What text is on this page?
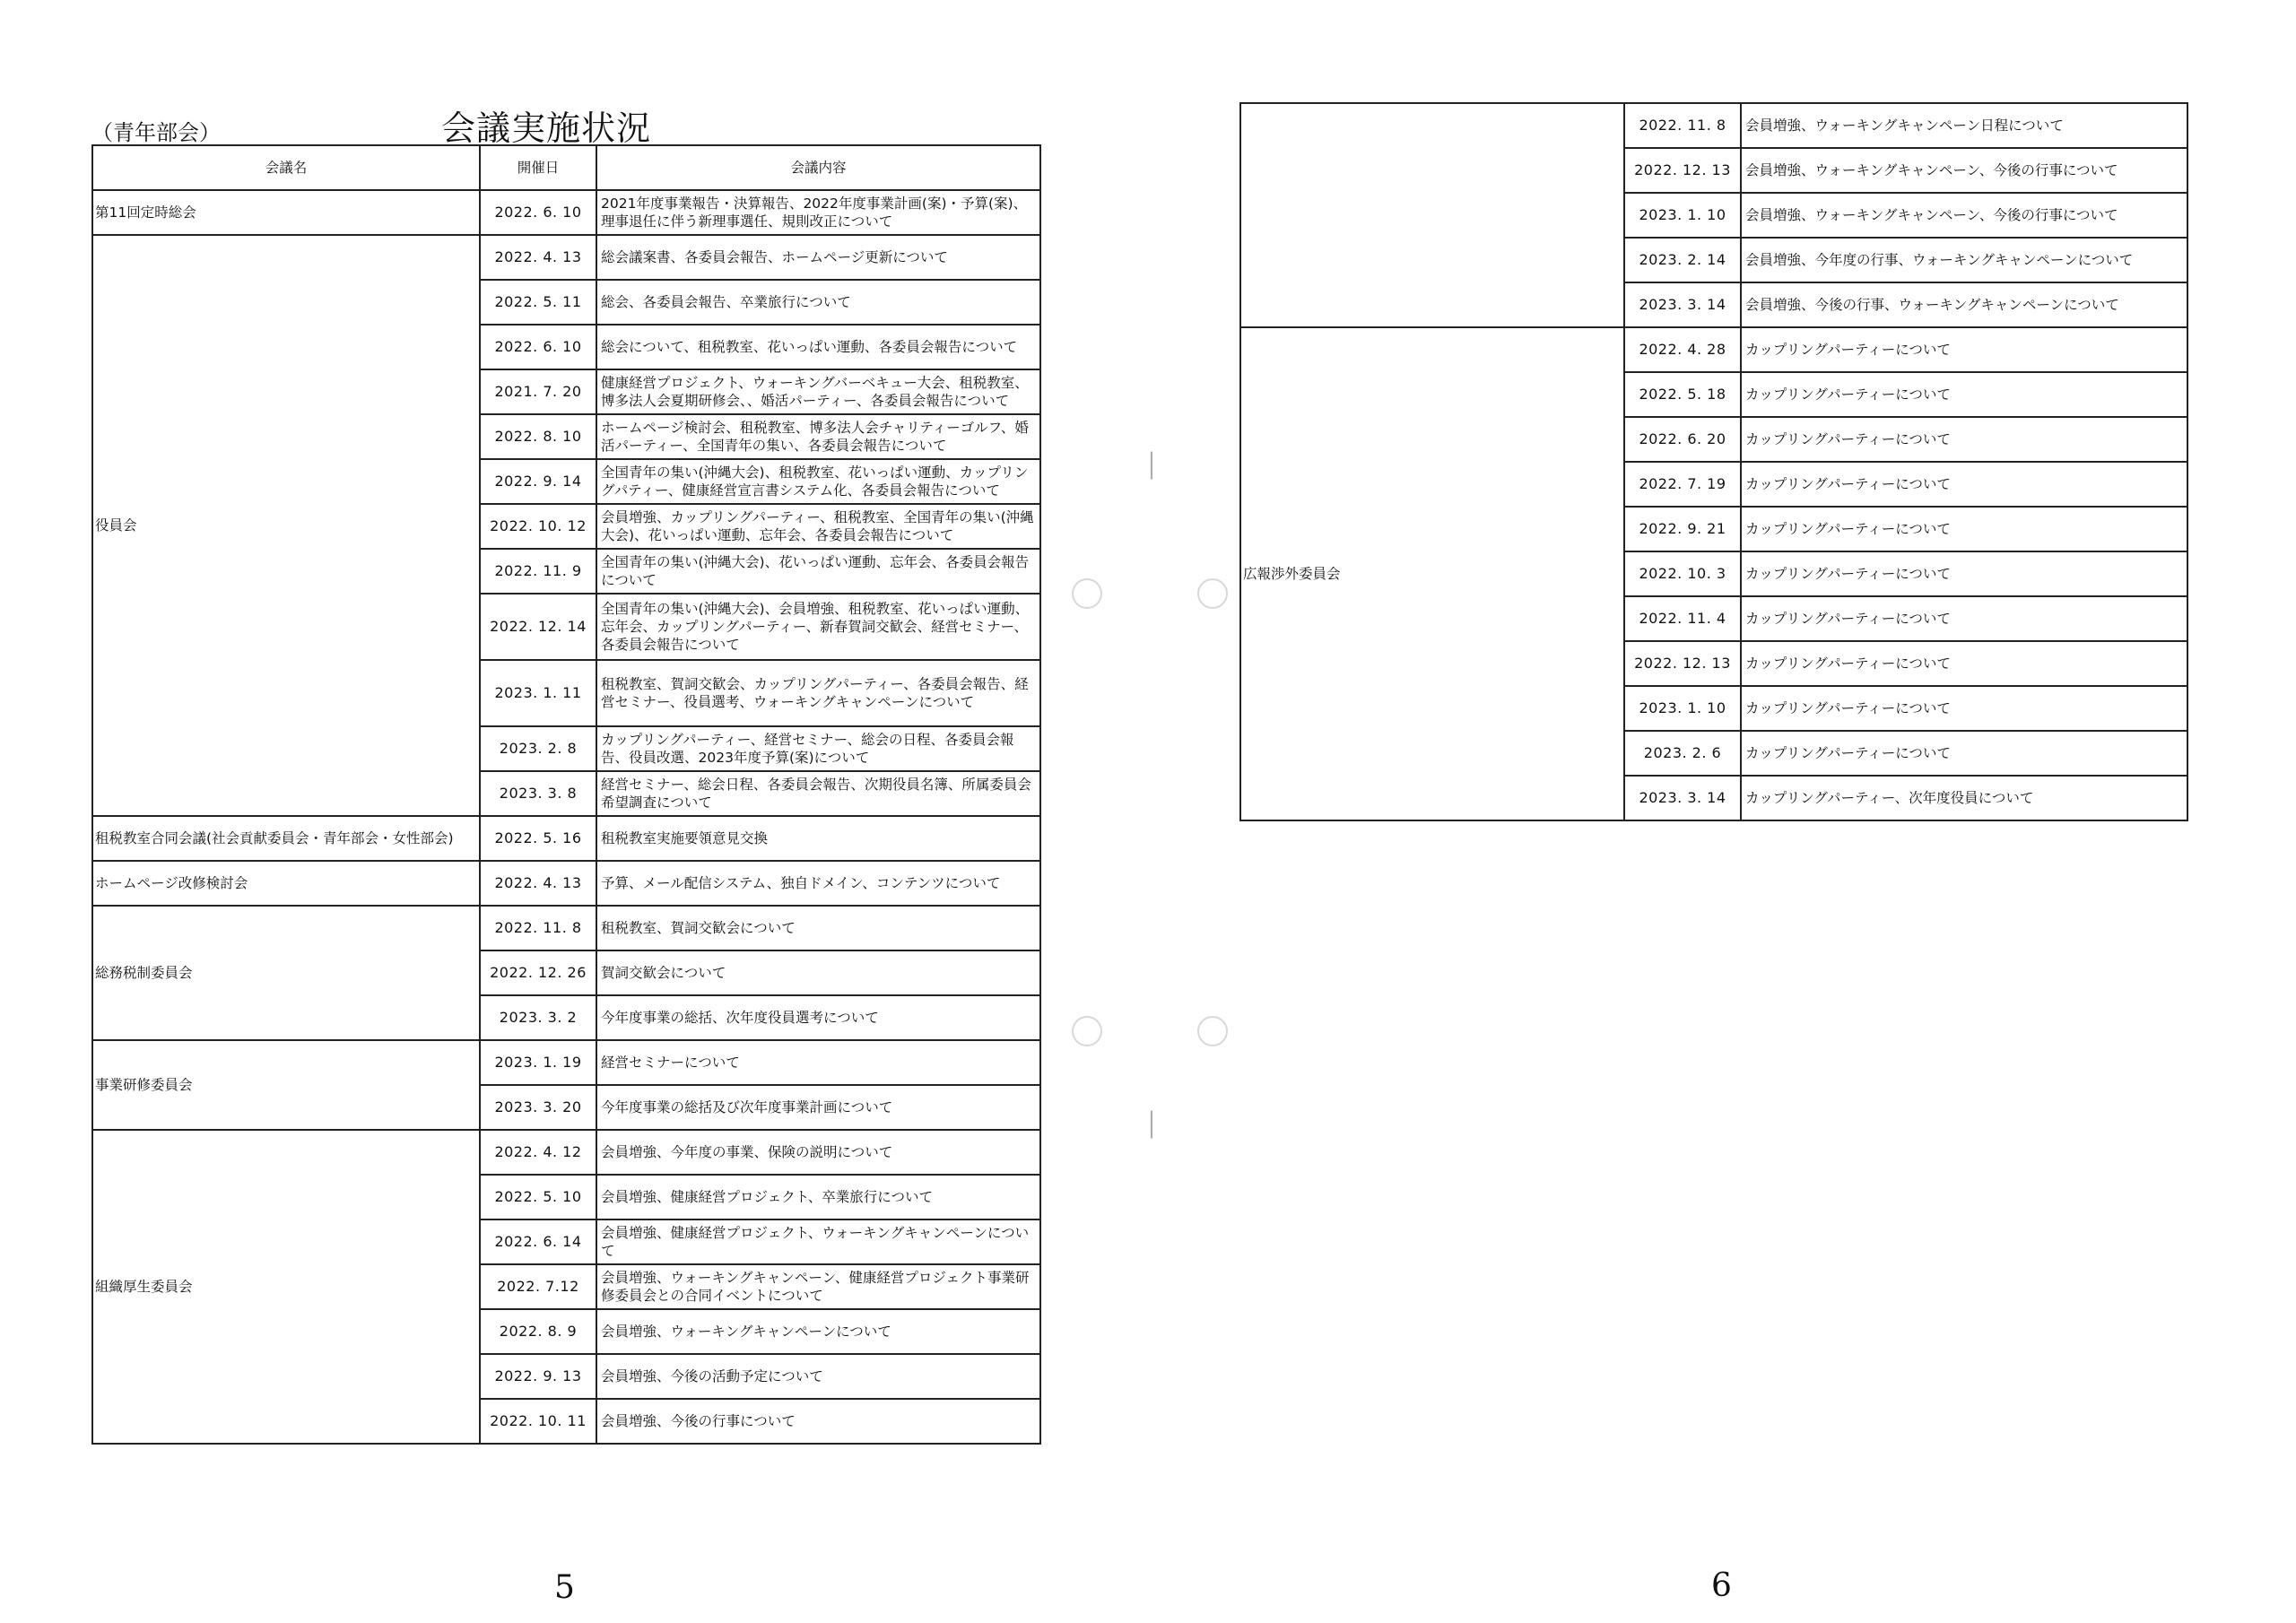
（青年部会）	会議実施状況
会議名	開催日	会議内容
第11回定時総会	2022. 6. 10	2021年度事業報告・決算報告、2022年度事業計画(案)・予算(案)、理事退任に伴う新理事選任、規則改正について
役員会	2022. 4. 13	総会議案書、各委員会報告、ホームページ更新について
	2022. 5. 11	総会、各委員会報告、卒業旅行について
	2022. 6. 10	総会について、租税教室、花いっぱい運動、各委員会報告について
	2021. 7. 20	健康経営プロジェクト、ウォーキングバーベキュー大会、租税教室、博多法人会夏期研修会、、婚活パーティー、各委員会報告について
	2022. 8. 10	ホームページ検討会、租税教室、博多法人会チャリティーゴルフ、婚活パーティー、全国青年の集い、各委員会報告について
	2022. 9. 14	全国青年の集い(沖縄大会)、租税教室、花いっぱい運動、カップリングパティー、健康経営宣言書システム化、各委員会報告について
	2022. 10. 12	会員増強、カップリングパーティー、租税教室、全国青年の集い(沖縄大会)、花いっぱい運動、忘年会、各委員会報告について
	2022. 11. 9	全国青年の集い(沖縄大会)、花いっぱい運動、忘年会、各委員会報告について
	2022. 12. 14	全国青年の集い(沖縄大会)、会員増強、租税教室、花いっぱい運動、忘年会、カップリングパーティー、新春賀詞交歓会、経営セミナー、各委員会報告について
	2023. 1. 11	租税教室、賀詞交歓会、カップリングパーティー、各委員会報告、経営セミナー、役員選考、ウォーキングキャンペーンについて
	2023. 2. 8	カップリングパーティー、経営セミナー、総会の日程、各委員会報告、役員改選、2023年度予算(案)について
	2023. 3. 8	経営セミナー、総会日程、各委員会報告、次期役員名簿、所属委員会希望調査について
租税教室合同会議(社会貢献委員会・青年部会・女性部会)	2022. 5. 16	租税教室実施要領意見交換
ホームページ改修検討会	2022. 4. 13	予算、メール配信システム、独自ドメイン、コンテンツについて
総務税制委員会	2022. 11. 8	租税教室、賀詞交歓会について
	2022. 12. 26	賀詞交歓会について
	2023. 3. 2	今年度事業の総括、次年度役員選考について
事業研修委員会	2023. 1. 19	経営セミナーについて
	2023. 3. 20	今年度事業の総括及び次年度事業計画について
組織厚生委員会	2022. 4. 12	会員増強、今年度の事業、保険の説明について
	2022. 5. 10	会員増強、健康経営プロジェクト、卒業旅行について
	2022. 6. 14	会員増強、健康経営プロジェクト、ウォーキングキャンペーンについて
	2022. 7.12	会員増強、ウォーキングキャンペーン、健康経営プロジェクト事業研修委員会との合同イベントについて
	2022. 8. 9	会員増強、ウォーキングキャンペーンについて
	2022. 9. 13	会員増強、今後の活動予定について
	2022. 10. 11	会員増強、今後の行事について
	2022. 11. 8	会員増強、ウォーキングキャンペーン日程について
	2022. 12. 13	会員増強、ウォーキングキャンペーン、今後の行事について
	2023. 1. 10	会員増強、ウォーキングキャンペーン、今後の行事について
	2023. 2. 14	会員増強、今年度の行事、ウォーキングキャンペーンについて
	2023. 3. 14	会員増強、今後の行事、ウォーキングキャンペーンについて
広報渉外委員会	2022. 4. 28	カップリングパーティーについて
	2022. 5. 18	カップリングパーティーについて
	2022. 6. 20	カップリングパーティーについて
	2022. 7. 19	カップリングパーティーについて
	2022. 9. 21	カップリングパーティーについて
	2022. 10. 3	カップリングパーティーについて
	2022. 11. 4	カップリングパーティーについて
	2022. 12. 13	カップリングパーティーについて
	2023. 1. 10	カップリングパーティーについて
	2023. 2. 6	カップリングパーティーについて
	2023. 3. 14	カップリングパーティー、次年度役員について
│
│
5	6
